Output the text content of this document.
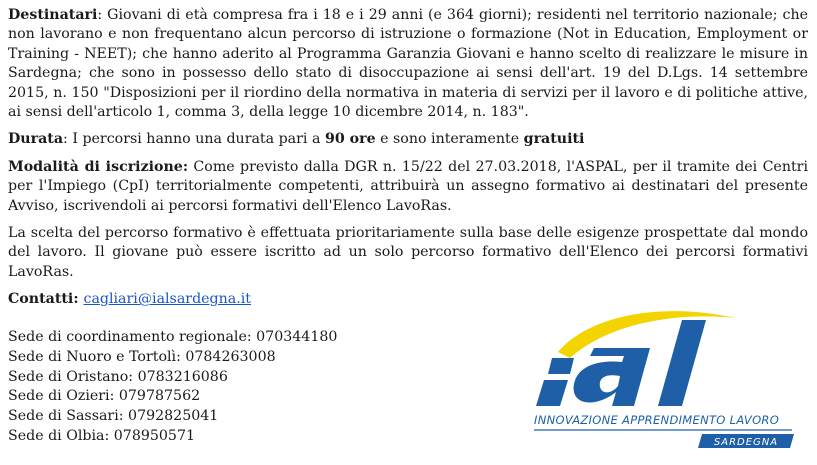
Destinatari: Giovani di età compresa fra i 18 e i 29 anni (e 364 giorni); residenti nel territorio nazionale; che non lavorano e non frequentano alcun percorso di istruzione o formazione (Not in Education, Employment or Training - NEET); che hanno aderito al Programma Garanzia Giovani e hanno scelto di realizzare le misure in Sardegna; che sono in possesso dello stato di disoccupazione ai sensi dell'art. 19 del D.Lgs. 14 settembre 2015, n. 150 "Disposizioni per il riordino della normativa in materia di servizi per il lavoro e di politiche attive, ai sensi dell'articolo 1, comma 3, della legge 10 dicembre 2014, n. 183".

Durata: I percorsi hanno una durata pari a 90 ore e sono interamente gratuiti

Modalità di iscrizione: Come previsto dalla DGR n. 15/22 del 27.03.2018, l'ASPAL, per il tramite dei Centri per l'Impiego (CpI) territorialmente competenti, attribuirà un assegno formativo ai destinatari del presente Avviso, iscrivendoli ai percorsi formativi dell'Elenco LavoRas.

La scelta del percorso formativo è effettuata prioritariamente sulla base delle esigenze prospettate dal mondo del lavoro. Il giovane può essere iscritto ad un solo percorso formativo dell'Elenco dei percorsi formativi LavoRas.

Contatti: cagliari@ialsardegna.it

Sede di coordinamento regionale: 070344180
Sede di Nuoro e Tortolì: 0784263008
Sede di Oristano: 0783216086
Sede di Ozieri: 079787562
Sede di Sassari: 0792825041
Sede di Olbia: 078950571
INNOVAZIONE APPRENDIMENTO LAVORO
SARDEGNA
